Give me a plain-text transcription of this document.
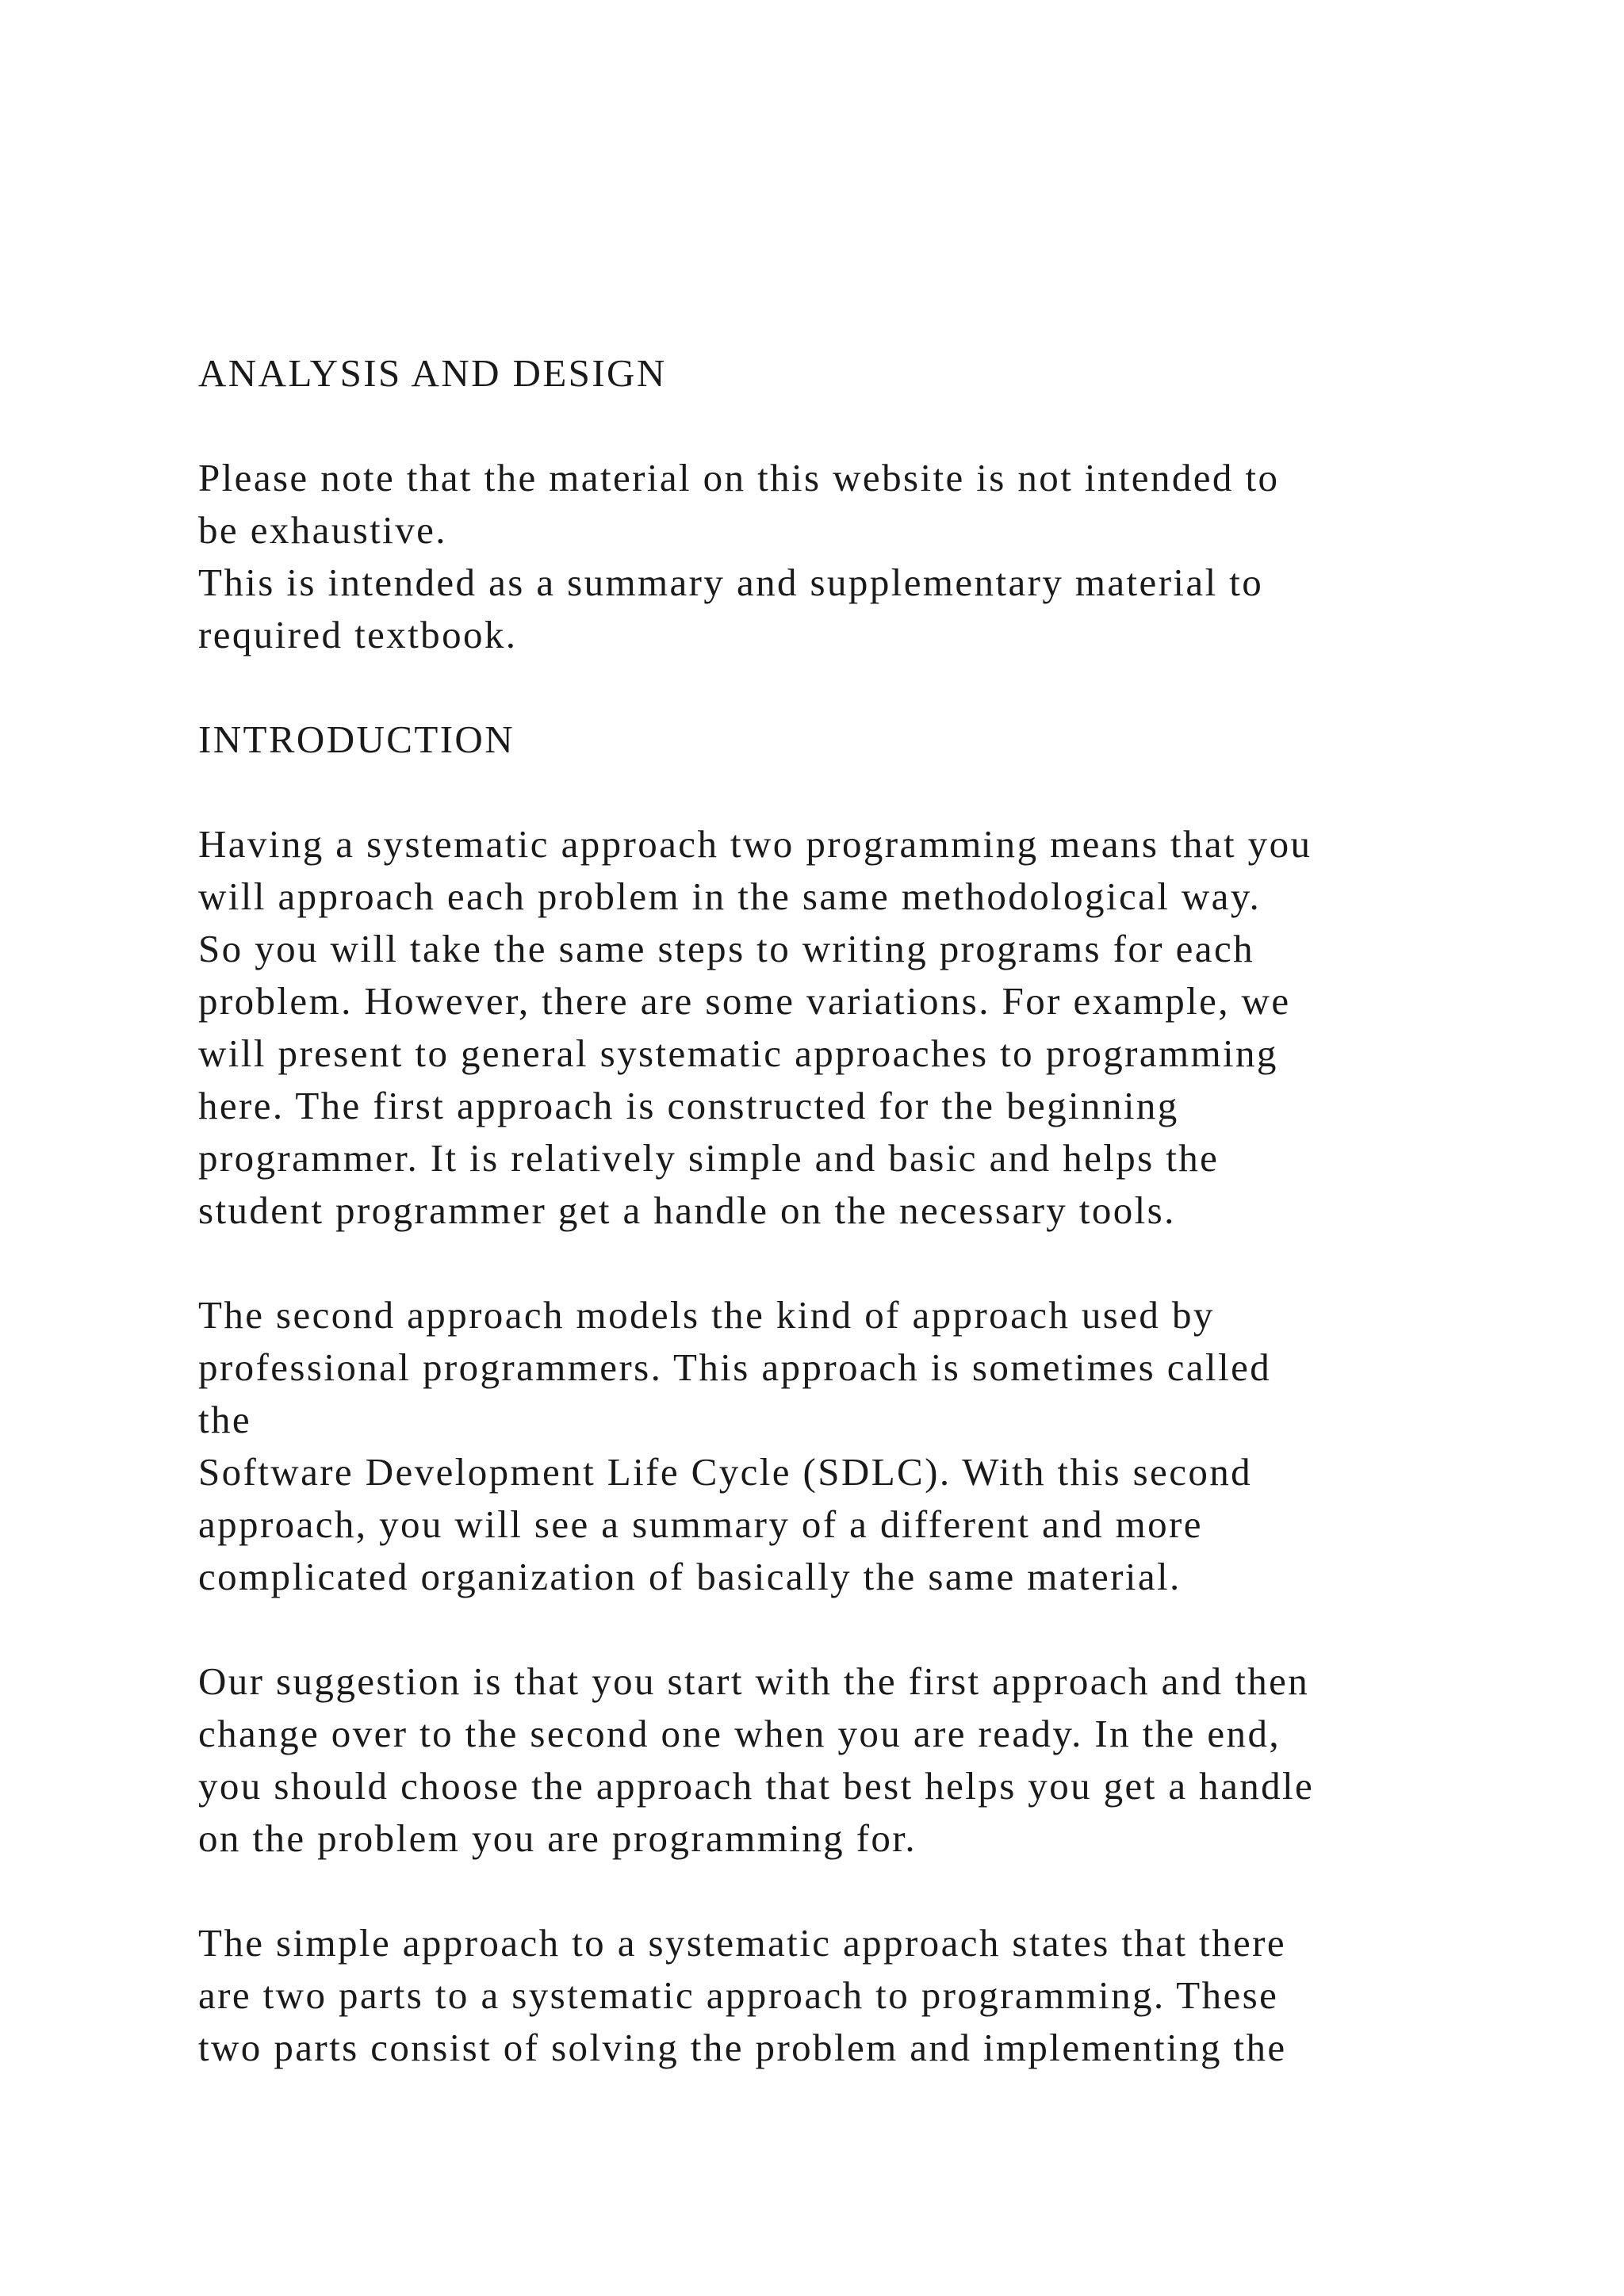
ANALYSIS AND DESIGN
Please note that the material on this website is not intended to
be exhaustive.
This is intended as a summary and supplementary material to
required textbook.
INTRODUCTION
Having a systematic approach two programming means that you
will approach each problem in the same methodological way.
So you will take the same steps to writing programs for each
problem. However, there are some variations. For example, we
will present to general systematic approaches to programming
here. The first approach is constructed for the beginning
programmer. It is relatively simple and basic and helps the
student programmer get a handle on the necessary tools.
The second approach models the kind of approach used by
professional programmers. This approach is sometimes called
the
Software Development Life Cycle (SDLC). With this second
approach, you will see a summary of a different and more
complicated organization of basically the same material.
Our suggestion is that you start with the first approach and then
change over to the second one when you are ready. In the end,
you should choose the approach that best helps you get a handle
on the problem you are programming for.
The simple approach to a systematic approach states that there
are two parts to a systematic approach to programming. These
two parts consist of solving the problem and implementing the
